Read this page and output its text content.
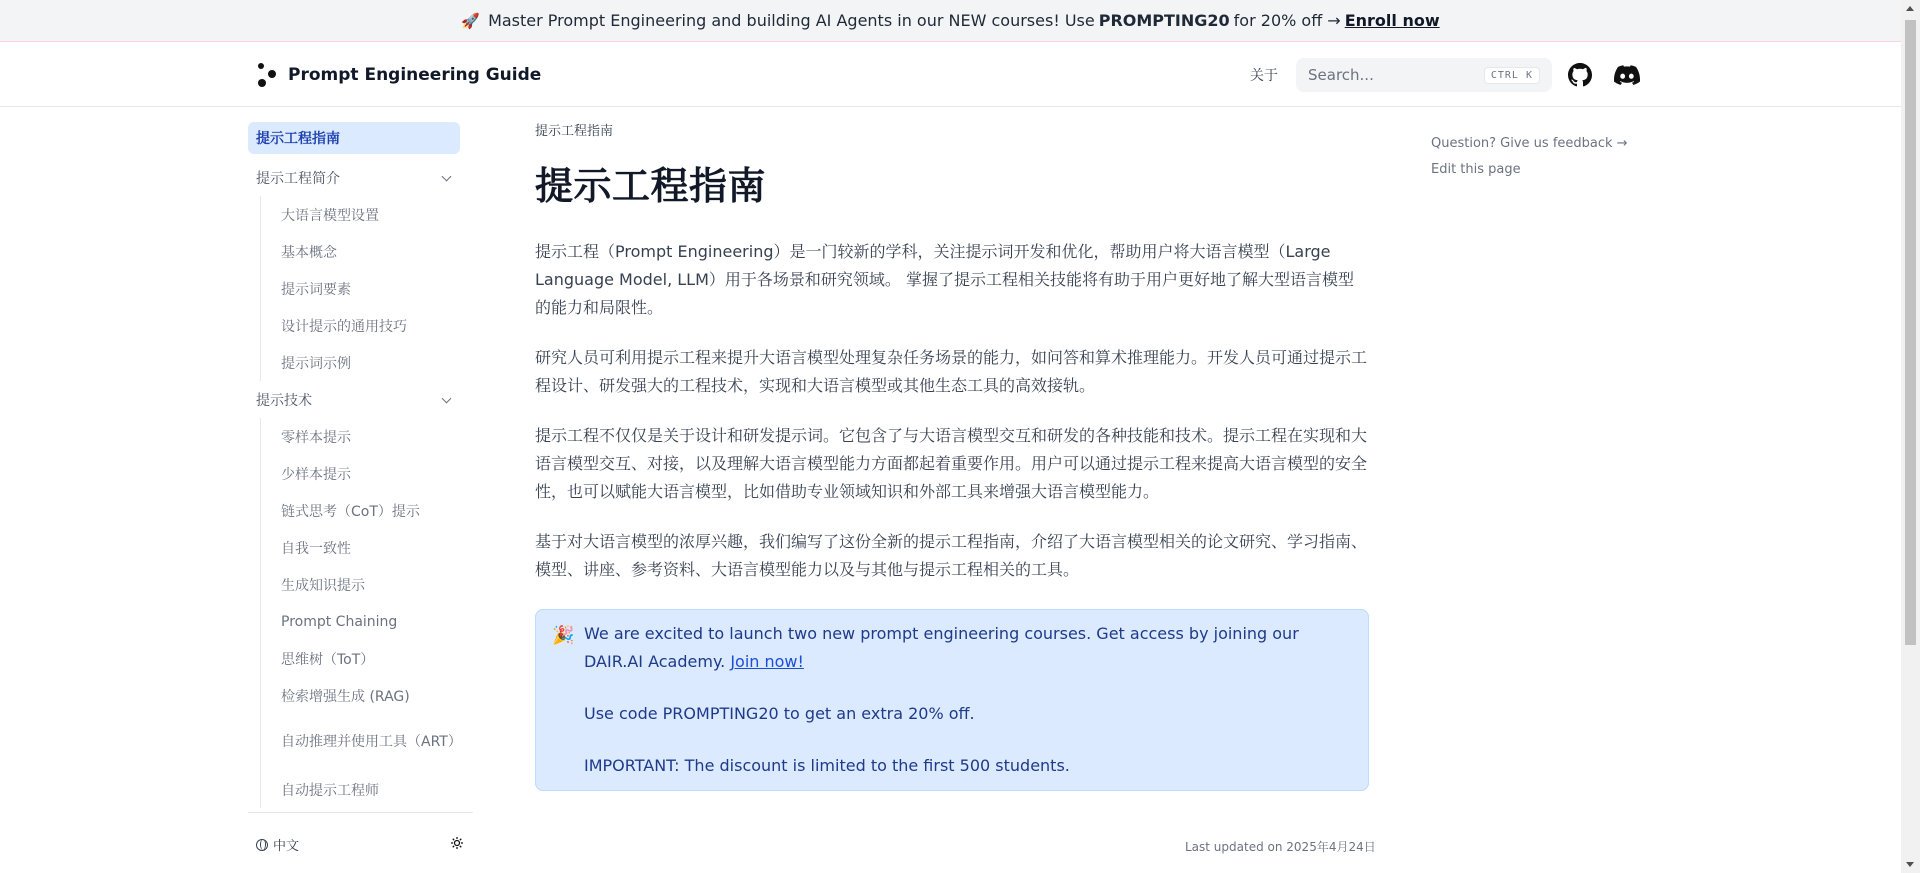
🚀 Master Prompt Engineering and building AI Agents in our NEW courses! Use PROMPTING20 for 20% off → Enroll now
Prompt Engineering Guide	关于 Search...	CTRL K
提示工程指南
提示工程简介
大语言模型设置
基本概念
提示词要素
设计提示的通用技巧
提示词示例
提示技术
零样本提示
少样本提示
链式思考（CoT）提示
自我一致性
生成知识提示
Prompt Chaining
思维树（ToT）
检索增强生成 (RAG)
自动推理并使用工具（ART）
自动提示工程师
中文
提示工程指南
提示工程指南

提示工程（Prompt Engineering）是一门较新的学科，关注提示词开发和优化，帮助用户将大语言模型（Large Language Model, LLM）用于各场景和研究领域。 掌握了提示工程相关技能将有助于用户更好地了解大型语言模型的能力和局限性。

研究人员可利用提示工程来提升大语言模型处理复杂任务场景的能力，如问答和算术推理能力。开发人员可通过提示工程设计、研发强大的工程技术，实现和大语言模型或其他生态工具的高效接轨。

提示工程不仅仅是关于设计和研发提示词。它包含了与大语言模型交互和研发的各种技能和技术。提示工程在实现和大语言模型交互、对接，以及理解大语言模型能力方面都起着重要作用。用户可以通过提示工程来提高大语言模型的安全性，也可以赋能大语言模型，比如借助专业领域知识和外部工具来增强大语言模型能力。

基于对大语言模型的浓厚兴趣，我们编写了这份全新的提示工程指南，介绍了大语言模型相关的论文研究、学习指南、模型、讲座、参考资料、大语言模型能力以及与其他与提示工程相关的工具。

🎉 We are excited to launch two new prompt engineering courses. Get access by joining our DAIR.AI Academy. Join now!

Use code PROMPTING20 to get an extra 20% off.

IMPORTANT: The discount is limited to the first 500 students.

Last updated on 2025年4月24日
Question? Give us feedback →
Edit this page
